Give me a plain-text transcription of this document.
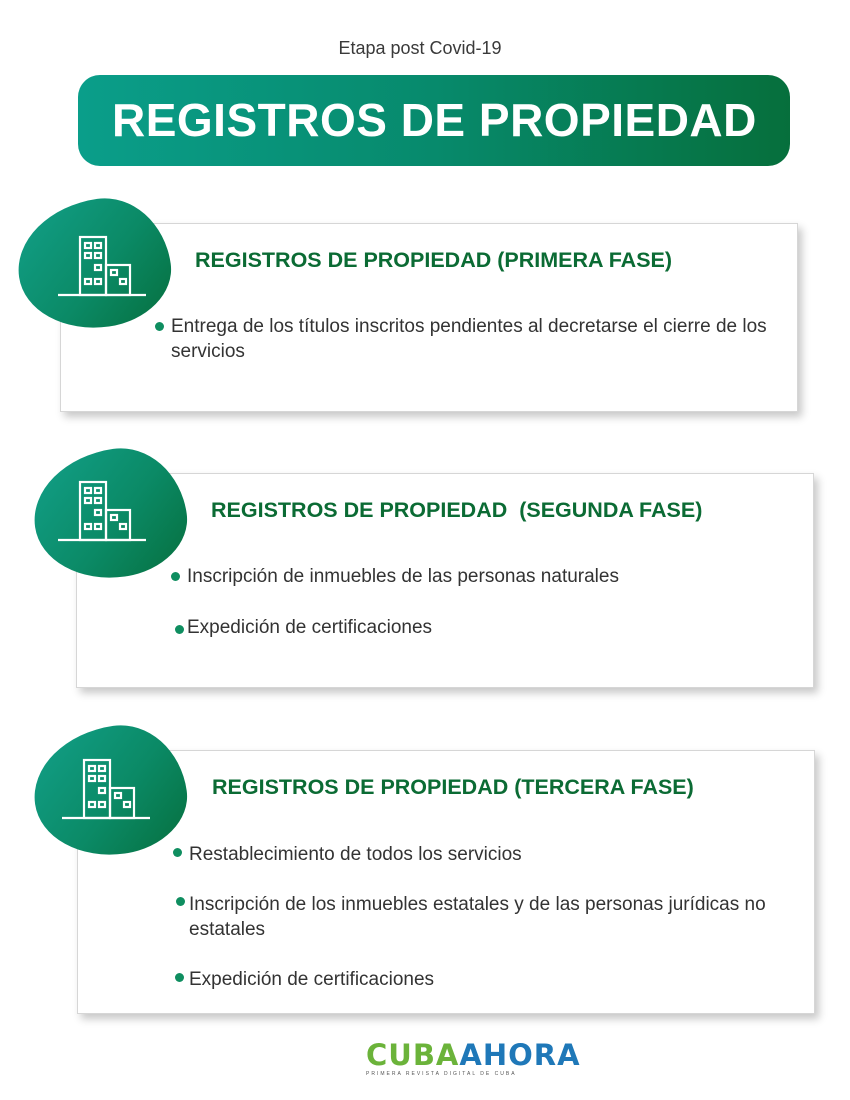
Etapa post Covid-19
REGISTROS DE PROPIEDAD
REGISTROS DE PROPIEDAD (PRIMERA FASE)
Entrega de los títulos inscritos pendientes al decretarse el cierre de los servicios
REGISTROS DE PROPIEDAD  (SEGUNDA FASE)
Inscripción de inmuebles de las personas naturales
Expedición de certificaciones
REGISTROS DE PROPIEDAD (TERCERA FASE)
Restablecimiento de todos los servicios
Inscripción de los inmuebles estatales y de las personas jurídicas no estatales
Expedición de certificaciones
CUBAAHORA
PRIMERA REVISTA DIGITAL DE CUBA
